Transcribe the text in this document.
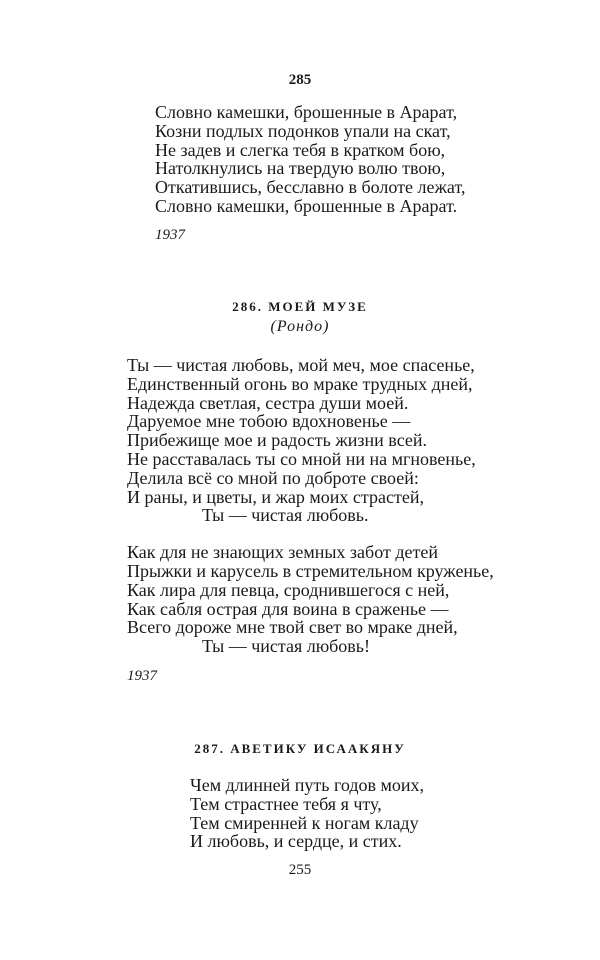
285
Словно камешки, брошенные в Арарат,
Козни подлых подонков упали на скат,
Не задев и слегка тебя в кратком бою,
Натолкнулись на твердую волю твою,
Откатившись, бесславно в болоте лежат,
Словно камешки, брошенные в Арарат.
1937
286. МОЕЙ МУЗЕ
(Рондо)
Ты — чистая любовь, мой меч, мое спасенье,
Единственный огонь во мраке трудных дней,
Надежда светлая, сестра души моей.
Даруемое мне тобою вдохновенье —
Прибежище мое и радость жизни всей.
Не расставалась ты со мной ни на мгновенье,
Делила всё со мной по доброте своей:
И раны, и цветы, и жар моих страстей,
Ты — чистая любовь.
Как для не знающих земных забот детей
Прыжки и карусель в стремительном круженье,
Как лира для певца, сроднившегося с ней,
Как сабля острая для воина в сраженье —
Всего дороже мне твой свет во мраке дней,
Ты — чистая любовь!
1937
287. АВЕТИКУ ИСААКЯНУ
Чем длинней путь годов моих,
Тем страстнее тебя я чту,
Тем смиренней к ногам кладу
И любовь, и сердце, и стих.
255
